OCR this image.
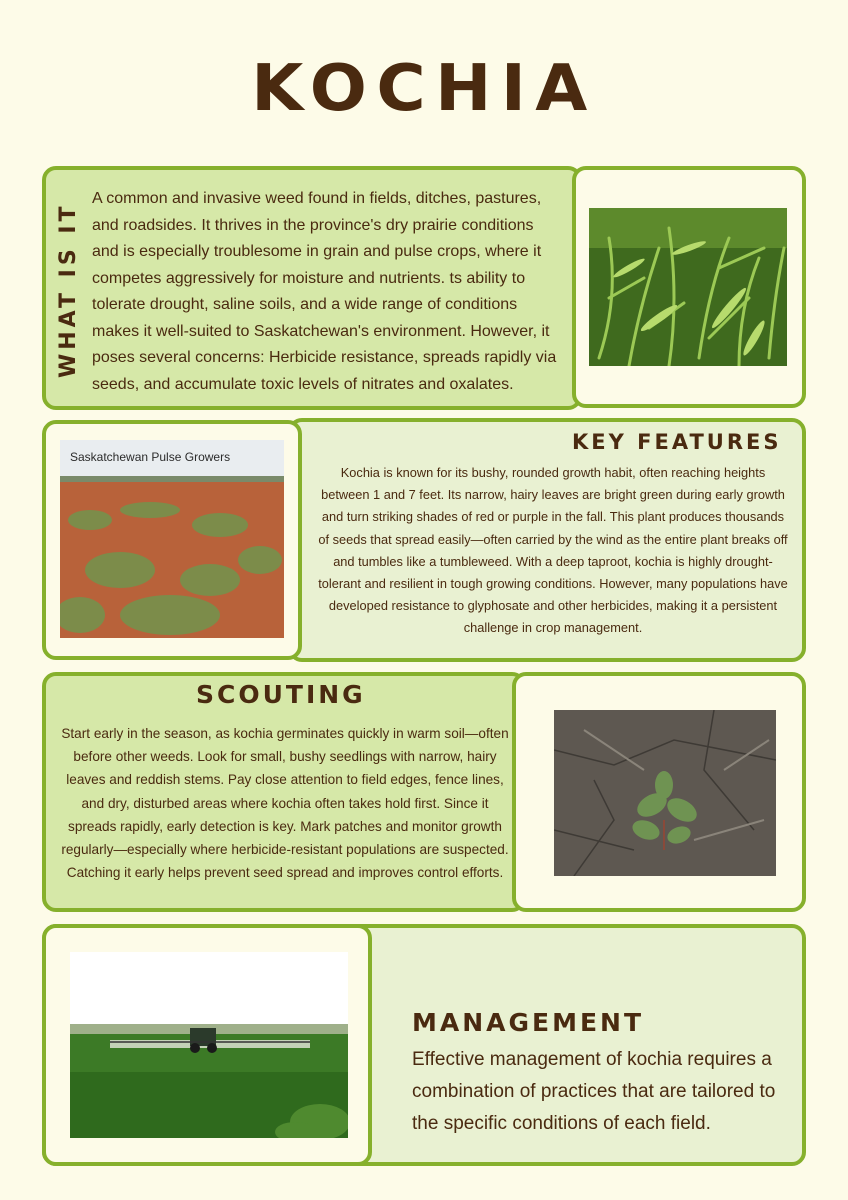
KOCHIA
WHAT IS IT

A common and invasive weed found in fields, ditches, pastures, and roadsides. It thrives in the province's dry prairie conditions and is especially troublesome in grain and pulse crops, where it competes aggressively for moisture and nutrients. ts ability to tolerate drought, saline soils, and a wide range of conditions makes it well-suited to Saskatchewan's environment. However, it poses several concerns: Herbicide resistance, spreads rapidly via seeds, and accumulate toxic levels of nitrates and oxalates.

Saskatchewan Pulse Growers
KEY FEATURES

Kochia is known for its bushy, rounded growth habit, often reaching heights between 1 and 7 feet. Its narrow, hairy leaves are bright green during early growth and turn striking shades of red or purple in the fall. This plant produces thousands of seeds that spread easily—often carried by the wind as the entire plant breaks off and tumbles like a tumbleweed. With a deep taproot, kochia is highly drought-tolerant and resilient in tough growing conditions. However, many populations have developed resistance to glyphosate and other herbicides, making it a persistent challenge in crop management.

SCOUTING

Start early in the season, as kochia germinates quickly in warm soil—often before other weeds. Look for small, bushy seedlings with narrow, hairy leaves and reddish stems. Pay close attention to field edges, fence lines, and dry, disturbed areas where kochia often takes hold first. Since it spreads rapidly, early detection is key. Mark patches and monitor growth regularly—especially where herbicide-resistant populations are suspected. Catching it early helps prevent seed spread and improves control efforts.

MANAGEMENT

Effective management of kochia requires a combination of practices that are tailored to the specific conditions of each field.
